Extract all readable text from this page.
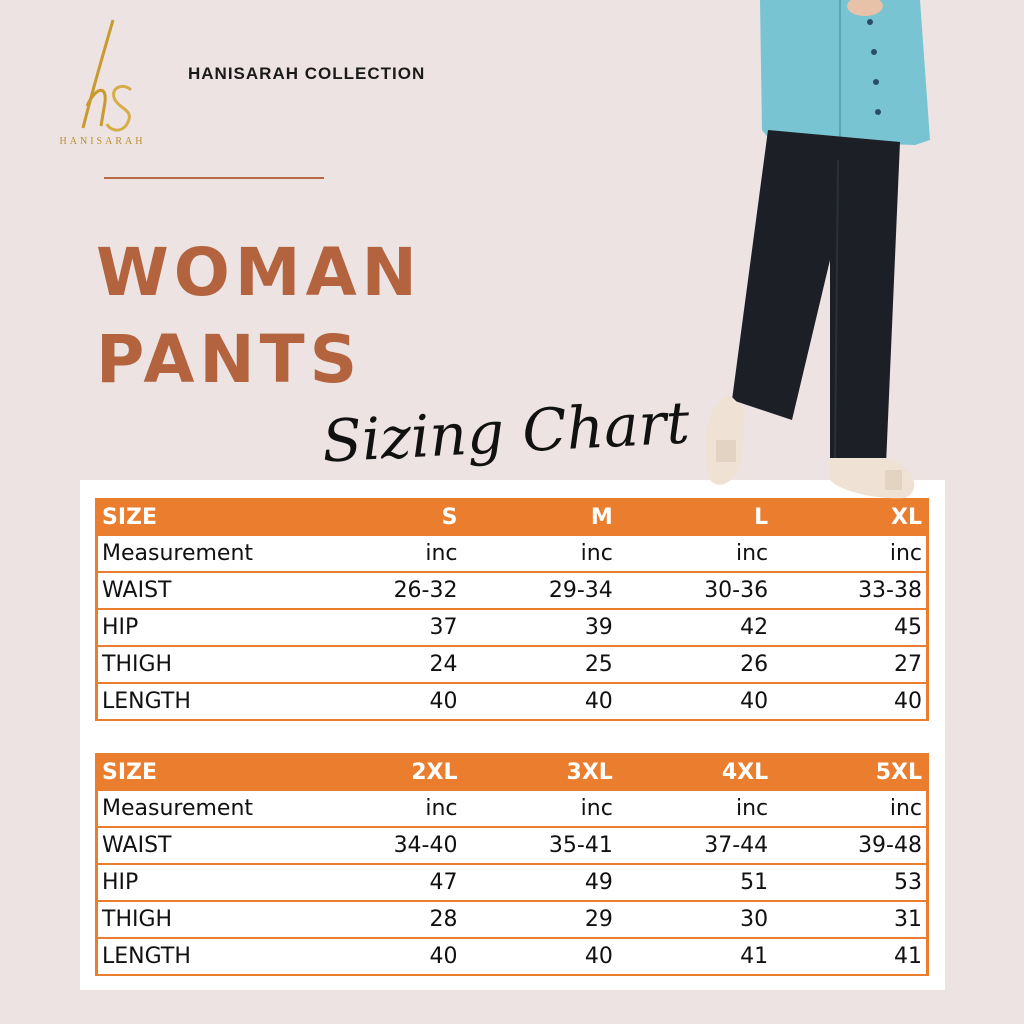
HANISARAH
HANISARAH COLLECTION
WOMAN
PANTS
Sizing Chart
SIZE	S	M	L	XL
Measurement	inc	inc	inc	inc
WAIST	26-32	29-34	30-36	33-38
HIP	37	39	42	45
THIGH	24	25	26	27
LENGTH	40	40	40	40
SIZE	2XL	3XL	4XL	5XL
Measurement	inc	inc	inc	inc
WAIST	34-40	35-41	37-44	39-48
HIP	47	49	51	53
THIGH	28	29	30	31
LENGTH	40	40	41	41
